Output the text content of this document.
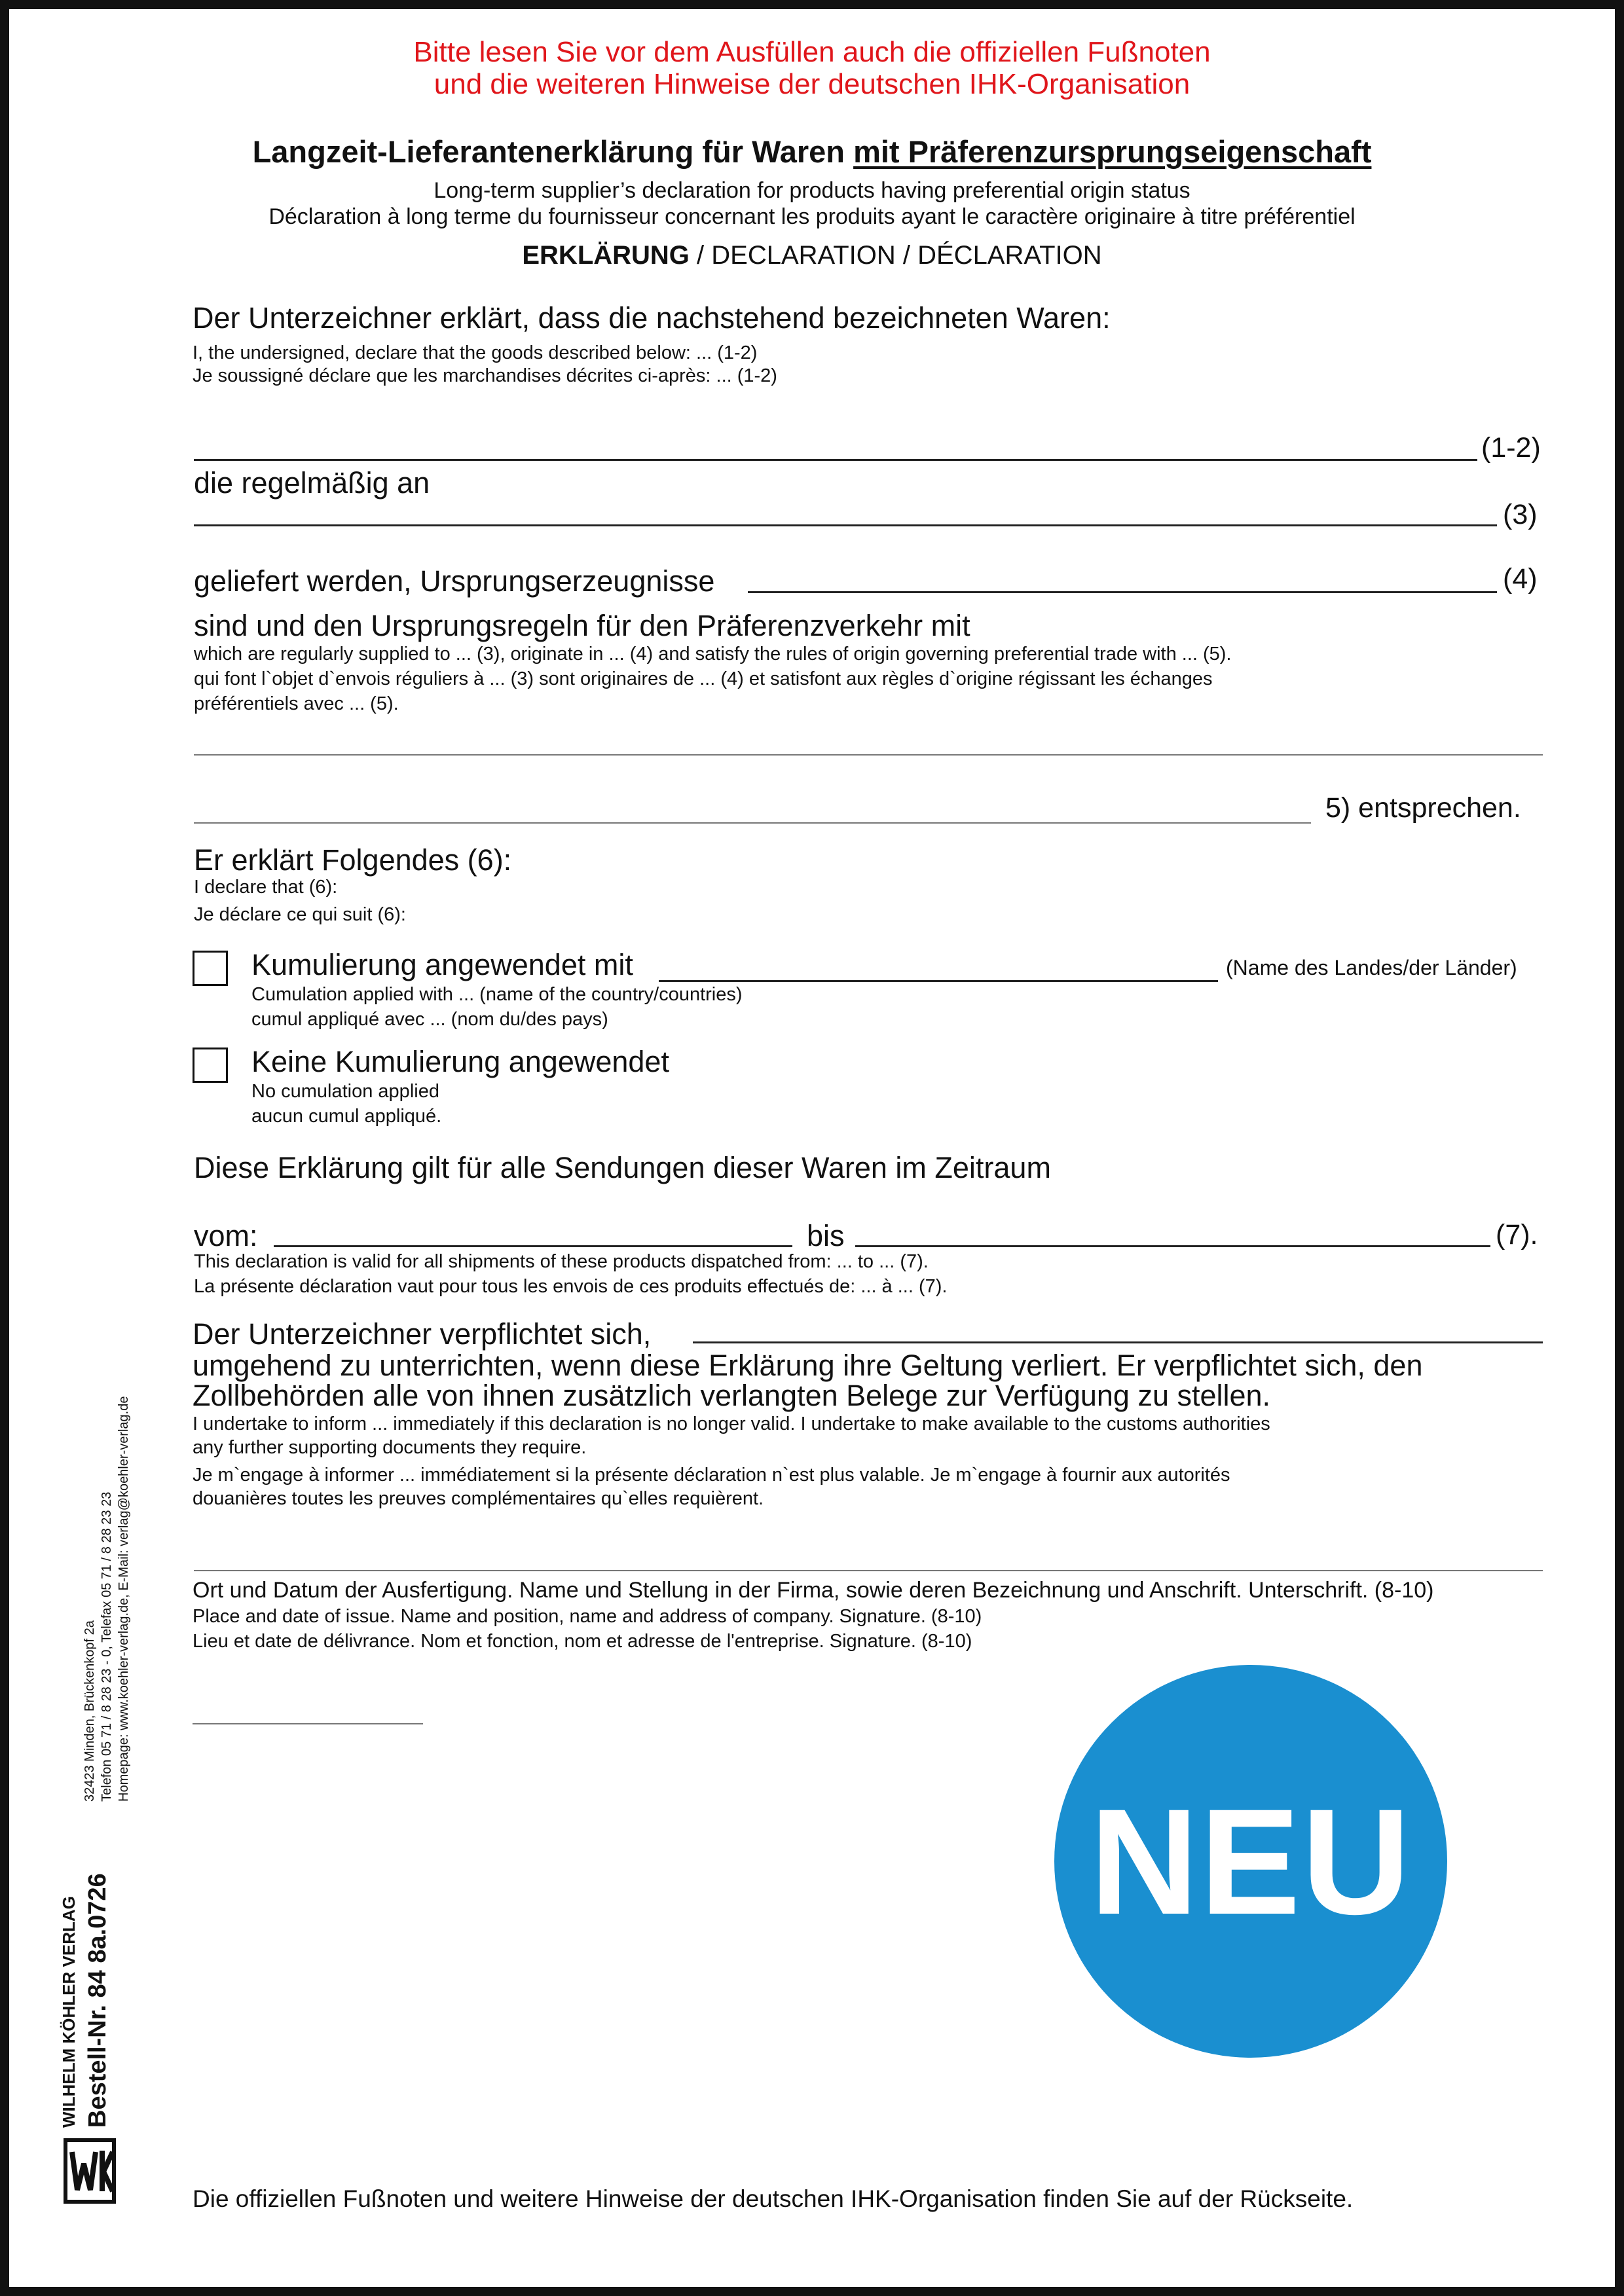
Bitte lesen Sie vor dem Ausfüllen auch die offiziellen Fußnoten
und die weiteren Hinweise der deutschen IHK-Organisation
Langzeit-Lieferantenerklärung für Waren mit Präferenzursprungseigenschaft
Long-term supplier’s declaration for products having preferential origin status
Déclaration à long terme du fournisseur concernant les produits ayant le caractère originaire à titre préférentiel
ERKLÄRUNG / DECLARATION / DÉCLARATION
Der Unterzeichner erklärt, dass die nachstehend bezeichneten Waren:
I, the undersigned, declare that the goods described below: ... (1-2)
Je soussigné déclare que les marchandises décrites ci-après: ... (1-2)
(1-2)
die regelmäßig an
(3)
geliefert werden, Ursprungserzeugnisse	(4)
sind und den Ursprungsregeln für den Präferenzverkehr mit
which are regularly supplied to ... (3), originate in ... (4) and satisfy the rules of origin governing preferential trade with ... (5).
qui font l`objet d`envois réguliers à ... (3) sont originaires de ... (4) et satisfont aux règles d`origine régissant les échanges
préférentiels avec ... (5).
5) entsprechen.
Er erklärt Folgendes (6):
I declare that (6):
Je déclare ce qui suit (6):
Kumulierung angewendet mit	(Name des Landes/der Länder)
Cumulation applied with ... (name of the country/countries)
cumul appliqué avec ... (nom du/des pays)
Keine Kumulierung angewendet
No cumulation applied
aucun cumul appliqué.
Diese Erklärung gilt für alle Sendungen dieser Waren im Zeitraum
vom:	bis	(7).
This declaration is valid for all shipments of these products dispatched from: ... to ... (7).
La présente déclaration vaut pour tous les envois de ces produits effectués de: ... à ... (7).
Der Unterzeichner verpflichtet sich,
umgehend zu unterrichten, wenn diese Erklärung ihre Geltung verliert. Er verpflichtet sich, den
Zollbehörden alle von ihnen zusätzlich verlangten Belege zur Verfügung zu stellen.
I undertake to inform ... immediately if this declaration is no longer valid. I undertake to make available to the customs authorities
any further supporting documents they require.
Je m`engage à informer ... immédiatement si la présente déclaration n`est plus valable. Je m`engage à fournir aux autorités
douanières toutes les preuves complémentaires qu`elles requièrent.
Ort und Datum der Ausfertigung. Name und Stellung in der Firma, sowie deren Bezeichnung und Anschrift. Unterschrift. (8-10)
Place and date of issue. Name and position, name and address of company. Signature. (8-10)
Lieu et date de délivrance. Nom et fonction, nom et adresse de l'entreprise. Signature. (8-10)
NEU
Die offiziellen Fußnoten und weitere Hinweise der deutschen IHK-Organisation finden Sie auf der Rückseite.
WILHELM KÖHLER VERLAG Bestell-Nr. 84 8a.0726
32423 Minden, Brückenkopf 2a Telefon 05 71 / 8 28 23 - 0, Telefax 05 71 / 8 28 23 23 Homepage: www.koehler-verlag.de, E-Mail: verlag@koehler-verlag.de
